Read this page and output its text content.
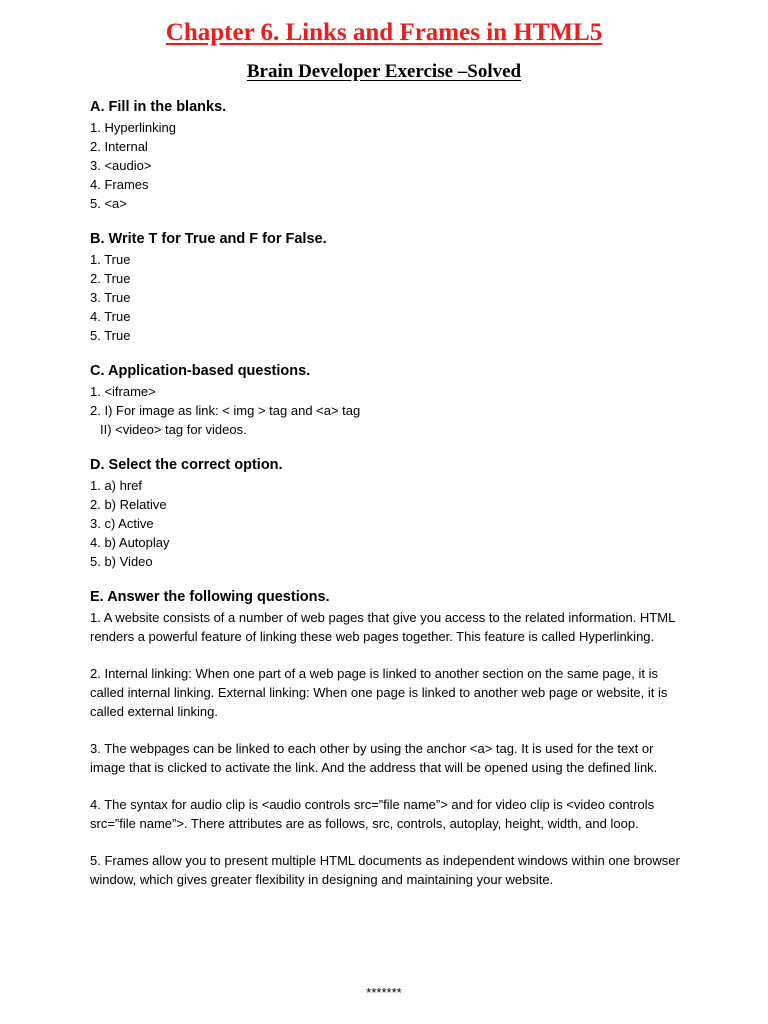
Chapter 6. Links and Frames in HTML5
Brain Developer Exercise –Solved

A. Fill in the blanks.

1. Hyperlinking

2. Internal

3. <audio>

4. Frames

5. <a>

B. Write T for True and F for False.

1. True

2. True

3. True

4. True

5. True

C. Application-based questions.

1. <iframe>

2. I) For image as link: < img > tag and <a> tag

II) <video> tag for videos.

D. Select the correct option.

1. a) href

2. b) Relative

3. c) Active

4. b) Autoplay

5. b) Video

E. Answer the following questions.

1. A website consists of a number of web pages that give you access to the related information. HTML renders a powerful feature of linking these web pages together. This feature is called Hyperlinking.

2. Internal linking: When one part of a web page is linked to another section on the same page, it is called internal linking. External linking: When one page is linked to another web page or website, it is called external linking.

3. The webpages can be linked to each other by using the anchor <a> tag. It is used for the text or image that is clicked to activate the link. And the address that will be opened using the defined link.

4. The syntax for audio clip is <audio controls src=”file name”> and for video clip is <video controls src=”file name”>. There attributes are as follows, src, controls, autoplay, height, width, and loop.

5. Frames allow you to present multiple HTML documents as independent windows within one browser window, which gives greater flexibility in designing and maintaining your website.

*******
